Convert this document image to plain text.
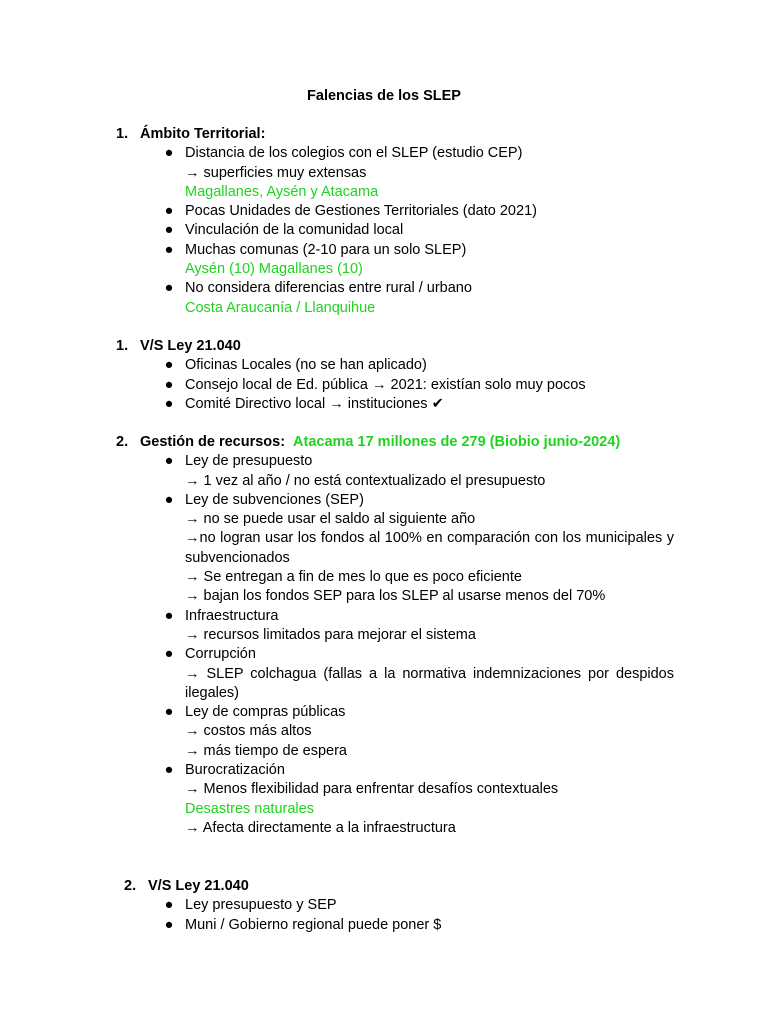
Falencias de los SLEP
1. Ámbito Territorial:
● Distancia de los colegios con el SLEP (estudio CEP)
→ superficies muy extensas
Magallanes, Aysén y Atacama
● Pocas Unidades de Gestiones Territoriales (dato 2021)
● Vinculación de la comunidad local
● Muchas comunas (2-10 para un solo SLEP)
Aysén (10) Magallanes (10)
● No considera diferencias entre rural / urbano
Costa Araucanía / Llanquihue
1. V/S Ley 21.040
● Oficinas Locales (no se han aplicado)
● Consejo local de Ed. pública → 2021: existían solo muy pocos
● Comité Directivo local → instituciones ✔
2. Gestión de recursos: Atacama 17 millones de 279 (Biobio junio-2024)
● Ley de presupuesto
→ 1 vez al año / no está contextualizado el presupuesto
● Ley de subvenciones (SEP)
→ no se puede usar el saldo al siguiente año
→no logran usar los fondos al 100% en comparación con los municipales y subvencionados
→ Se entregan a fin de mes lo que es poco eficiente
→ bajan los fondos SEP para los SLEP al usarse menos del 70%
● Infraestructura
→ recursos limitados para mejorar el sistema
● Corrupción
→ SLEP colchagua (fallas a la normativa indemnizaciones por despidos ilegales)
● Ley de compras públicas
→ costos más altos
→ más tiempo de espera
● Burocratización
→ Menos flexibilidad para enfrentar desafíos contextuales
Desastres naturales
→ Afecta directamente a la infraestructura
2. V/S Ley 21.040
● Ley presupuesto y SEP
● Muni / Gobierno regional puede poner $
